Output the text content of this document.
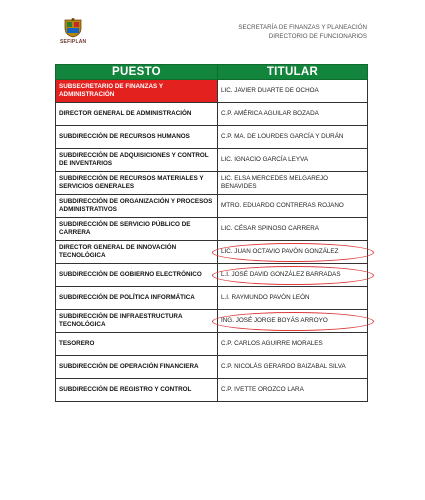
SEFIPLAN
SECRETARÍA DE FINANZAS Y PLANEACIÓN
DIRECTORIO DE FUNCIONARIOS
PUESTO	TITULAR
SUBSECRETARIO DE FINANZAS Y ADMINISTRACIÓN	LIC. JAVIER DUARTE DE OCHOA
DIRECTOR GENERAL DE ADMINISTRACIÓN	C.P. AMÉRICA AGUILAR BOZADA
SUBDIRECCIÓN DE RECURSOS HUMANOS	C.P. MA. DE LOURDES GARCÍA Y DURÁN
SUBDIRECCIÓN DE ADQUISICIONES Y CONTROL DE INVENTARIOS	LIC. IGNACIO GARCÍA LEYVA
SUBDIRECCIÓN DE RECURSOS MATERIALES Y SERVICIOS GENERALES	LIC. ELSA MERCEDES MELGAREJO BENAVIDES
SUBDIRECCIÓN DE ORGANIZACIÓN Y PROCESOS ADMINISTRATIVOS	MTRO. EDUARDO CONTRERAS ROJANO
SUBDIRECCIÓN DE SERVICIO PÚBLICO DE CARRERA	LIC. CÉSAR SPINOSO CARRERA
DIRECTOR GENERAL DE INNOVACIÓN TECNOLÓGICA	LIC. JUAN OCTAVIO PAVÓN GONZÁLEZ
SUBDIRECCIÓN DE GOBIERNO ELECTRÓNICO	L.I. JOSÉ DAVID GONZÁLEZ BARRADAS
SUBDIRECCIÓN DE POLÍTICA INFORMÁTICA	L.I. RAYMUNDO PAVÓN LEÓN
SUBDIRECCIÓN DE INFRAESTRUCTURA TECNOLÓGICA	ING. JOSÉ JORGE BOYÁS ARROYO
TESORERO	C.P. CARLOS AGUIRRE MORALES
SUBDIRECCIÓN DE OPERACIÓN FINANCIERA	C.P. NICOLÁS GERARDO BAIZABAL SILVA
SUBDIRECCIÓN DE REGISTRO Y CONTROL	C.P. IVETTE OROZCO LARA
